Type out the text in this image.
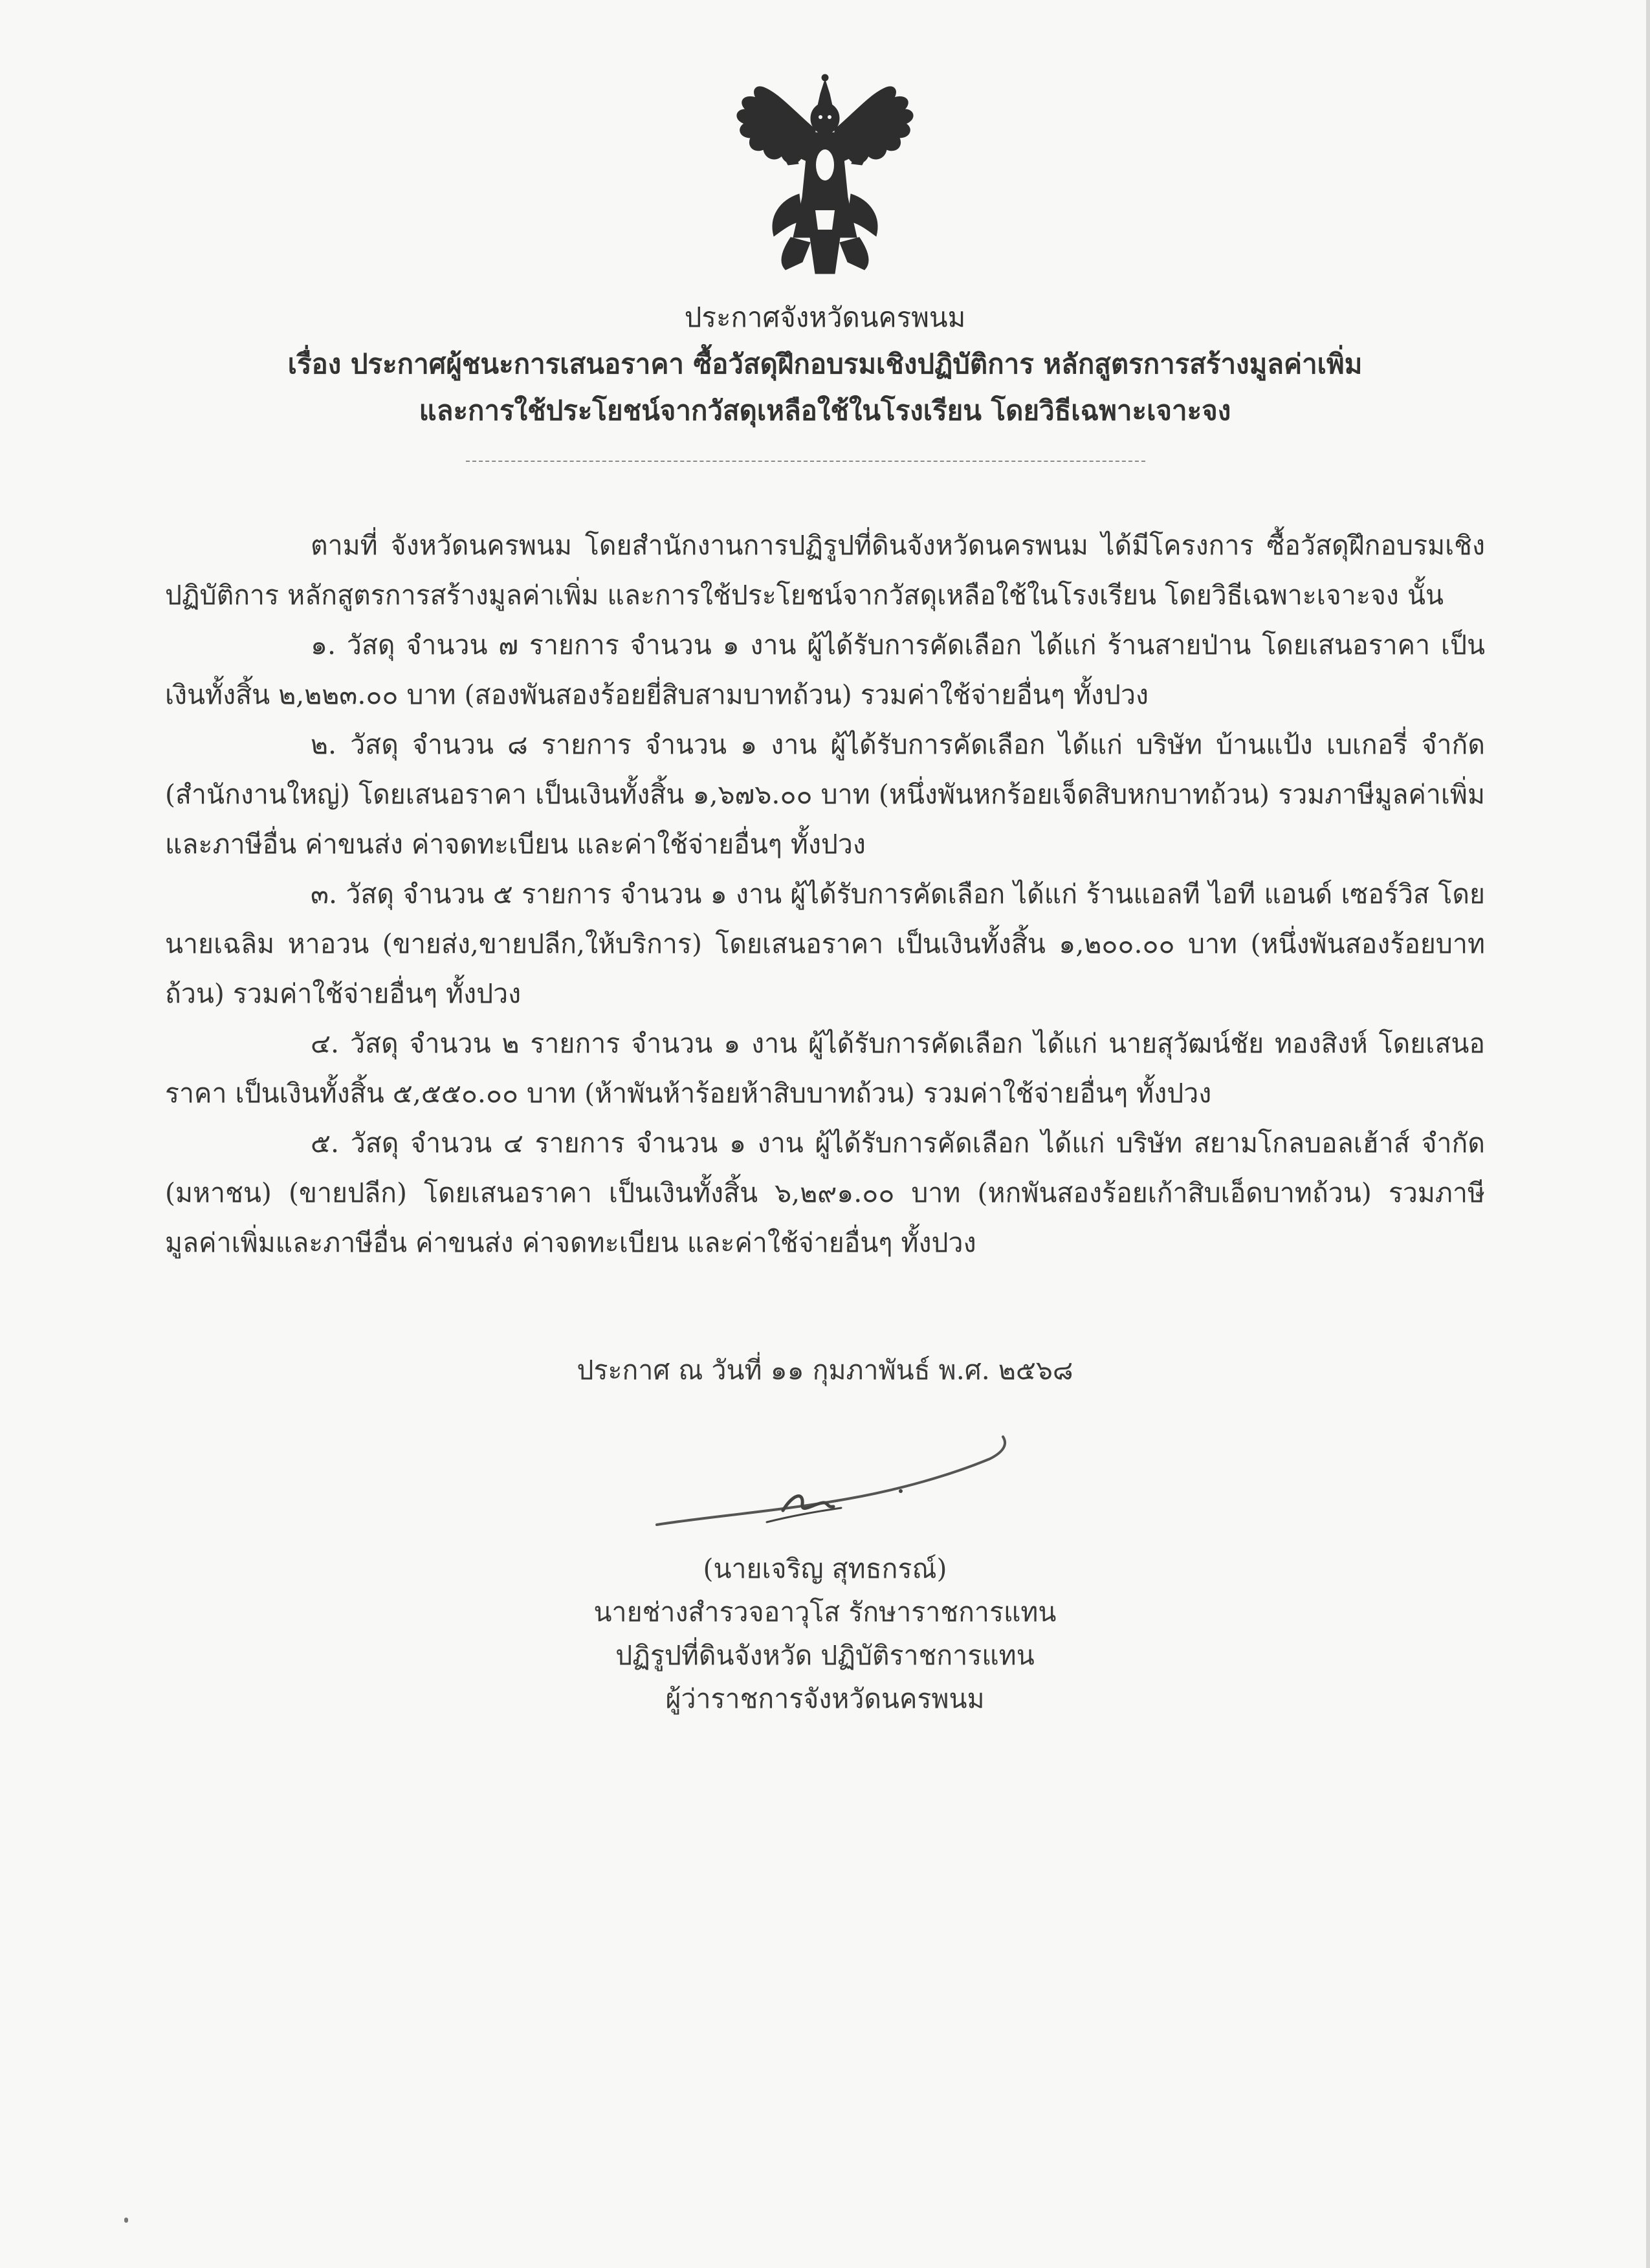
ประกาศจังหวัดนครพนม
เรื่อง ประกาศผู้ชนะการเสนอราคา ซื้อวัสดุฝึกอบรมเชิงปฏิบัติการ หลักสูตรการสร้างมูลค่าเพิ่ม
และการใช้ประโยชน์จากวัสดุเหลือใช้ในโรงเรียน โดยวิธีเฉพาะเจาะจง

ตามที่ จังหวัดนครพนม โดยสำนักงานการปฏิรูปที่ดินจังหวัดนครพนม ได้มีโครงการ ซื้อวัสดุฝึกอบรมเชิงปฏิบัติการ หลักสูตรการสร้างมูลค่าเพิ่ม และการใช้ประโยชน์จากวัสดุเหลือใช้ในโรงเรียน โดยวิธีเฉพาะเจาะจง นั้น

๑. วัสดุ จำนวน ๗ รายการ จำนวน ๑ งาน ผู้ได้รับการคัดเลือก ได้แก่ ร้านสายป่าน โดยเสนอราคา เป็นเงินทั้งสิ้น ๒,๒๒๓.๐๐ บาท (สองพันสองร้อยยี่สิบสามบาทถ้วน) รวมค่าใช้จ่ายอื่นๆ ทั้งปวง

๒. วัสดุ จำนวน ๘ รายการ จำนวน ๑ งาน ผู้ได้รับการคัดเลือก ได้แก่ บริษัท บ้านแป้ง เบเกอรี่ จำกัด (สำนักงานใหญ่) โดยเสนอราคา เป็นเงินทั้งสิ้น ๑,๖๗๖.๐๐ บาท (หนึ่งพันหกร้อยเจ็ดสิบหกบาทถ้วน) รวมภาษีมูลค่าเพิ่มและภาษีอื่น ค่าขนส่ง ค่าจดทะเบียน และค่าใช้จ่ายอื่นๆ ทั้งปวง

๓. วัสดุ จำนวน ๕ รายการ จำนวน ๑ งาน ผู้ได้รับการคัดเลือก ได้แก่ ร้านแอลที ไอที แอนด์ เซอร์วิส โดยนายเฉลิม หาอวน (ขายส่ง,ขายปลีก,ให้บริการ) โดยเสนอราคา เป็นเงินทั้งสิ้น ๑,๒๐๐.๐๐ บาท (หนึ่งพันสองร้อยบาทถ้วน) รวมค่าใช้จ่ายอื่นๆ ทั้งปวง

๔. วัสดุ จำนวน ๒ รายการ จำนวน ๑ งาน ผู้ได้รับการคัดเลือก ได้แก่ นายสุวัฒน์ชัย ทองสิงห์ โดยเสนอราคา เป็นเงินทั้งสิ้น ๕,๕๕๐.๐๐ บาท (ห้าพันห้าร้อยห้าสิบบาทถ้วน) รวมค่าใช้จ่ายอื่นๆ ทั้งปวง

๕. วัสดุ จำนวน ๔ รายการ จำนวน ๑ งาน ผู้ได้รับการคัดเลือก ได้แก่ บริษัท สยามโกลบอลเฮ้าส์ จำกัด (มหาชน) (ขายปลีก) โดยเสนอราคา เป็นเงินทั้งสิ้น ๖,๒๙๑.๐๐ บาท (หกพันสองร้อยเก้าสิบเอ็ดบาทถ้วน) รวมภาษีมูลค่าเพิ่มและภาษีอื่น ค่าขนส่ง ค่าจดทะเบียน และค่าใช้จ่ายอื่นๆ ทั้งปวง

ประกาศ ณ วันที่ ๑๑ กุมภาพันธ์ พ.ศ. ๒๕๖๘
(นายเจริญ สุทธกรณ์)
นายช่างสำรวจอาวุโส รักษาราชการแทน
ปฏิรูปที่ดินจังหวัด ปฏิบัติราชการแทน
ผู้ว่าราชการจังหวัดนครพนม
